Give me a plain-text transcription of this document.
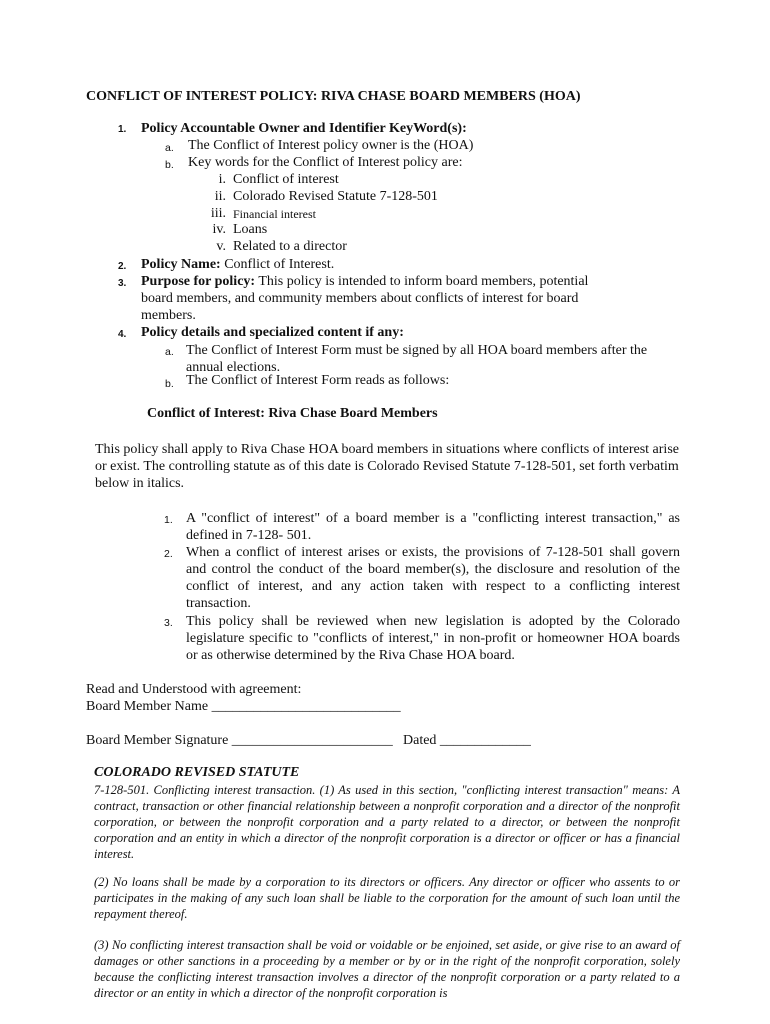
CONFLICT OF INTEREST POLICY: RIVA CHASE BOARD MEMBERS (HOA)
1. Policy Accountable Owner and Identifier KeyWord(s):
a. The Conflict of Interest policy owner is the (HOA)
b. Key words for the Conflict of Interest policy are:
i. Conflict of interest
ii. Colorado Revised Statute 7-128-501
iii. Financial interest
iv. Loans
v. Related to a director
2. Policy Name: Conflict of Interest.
3. Purpose for policy: This policy is intended to inform board members, potential
board members, and community members about conflicts of interest for board
members.
4. Policy details and specialized content if any:
a. The Conflict of Interest Form must be signed by all HOA board members after the annual elections.
b. The Conflict of Interest Form reads as follows:
Conflict of Interest: Riva Chase Board Members
This policy shall apply to Riva Chase HOA board members in situations where conflicts of interest arise or exist. The controlling statute as of this date is Colorado Revised Statute 7-128-501, set forth verbatim below in italics.
1. A "conflict of interest" of a board member is a "conflicting interest transaction," as defined in 7-128- 501.
2. When a conflict of interest arises or exists, the provisions of 7-128-501 shall govern and control the conduct of the board member(s), the disclosure and resolution of the conflict of interest, and any action taken with respect to a conflicting interest transaction.
3. This policy shall be reviewed when new legislation is adopted by the Colorado legislature specific to "conflicts of interest," in non-profit or homeowner HOA boards or as otherwise determined by the Riva Chase HOA board.
Read and Understood with agreement:
Board Member Name ___________________________
Board Member Signature _______________________ Dated _____________
COLORADO REVISED STATUTE
7-128-501. Conflicting interest transaction. (1) As used in this section, "conflicting interest transaction" means: A contract, transaction or other financial relationship between a nonprofit corporation and a director of the nonprofit corporation, or between the nonprofit corporation and a party related to a director, or between the nonprofit corporation and an entity in which a director of the nonprofit corporation is a director or officer or has a financial interest.
(2) No loans shall be made by a corporation to its directors or officers. Any director or officer who assents to or participates in the making of any such loan shall be liable to the corporation for the amount of such loan until the repayment thereof.
(3) No conflicting interest transaction shall be void or voidable or be enjoined, set aside, or give rise to an award of damages or other sanctions in a proceeding by a member or by or in the right of the nonprofit corporation, solely because the conflicting interest transaction involves a director of the nonprofit corporation or a party related to a director or an entity in which a director of the nonprofit corporation is
